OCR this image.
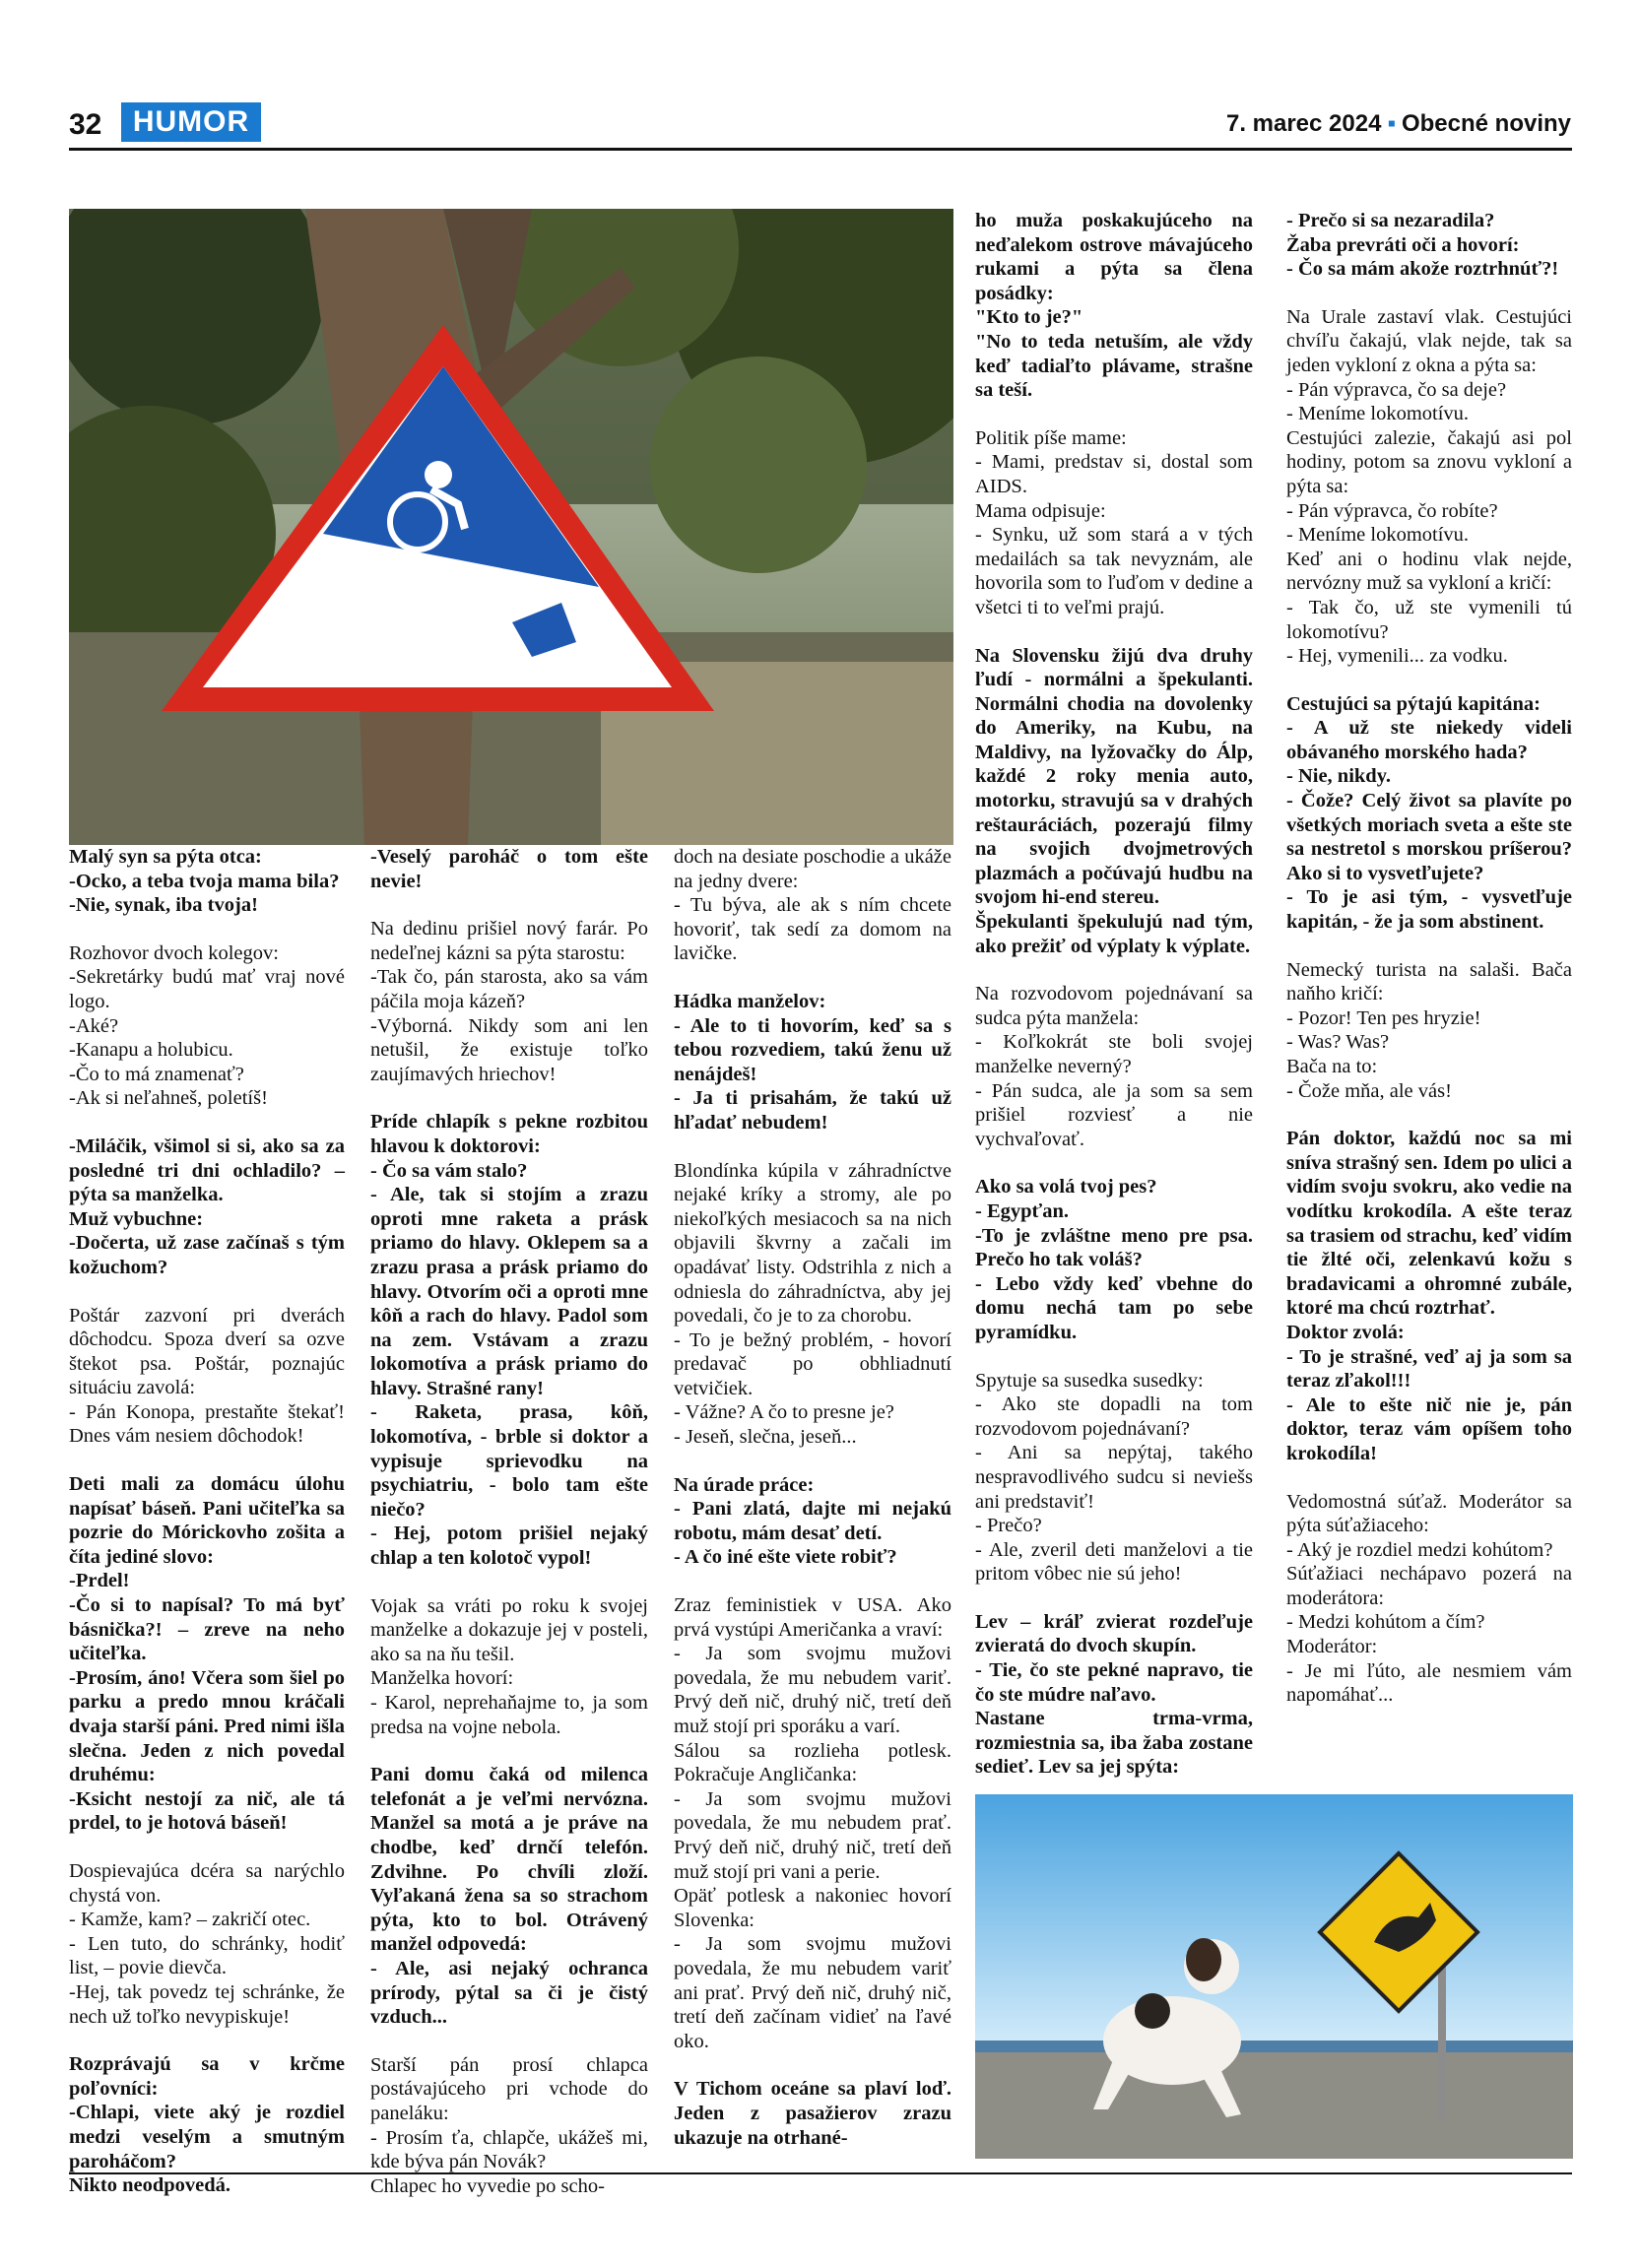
32	HUMOR	7. marec 2024 ▪ Obecné noviny

Malý syn sa pýta otca:
-Ocko, a teba tvoja mama bila?
-Nie, synak, iba tvoja!

Rozhovor dvoch kolegov:
-Sekretárky budú mať vraj nové logo.
-Aké?
-Kanapu a holubicu.
-Čo to má znamenať?
-Ak si neľahneš, poletíš!

-Miláčik, všimol si si, ako sa za posledné tri dni ochladilo? – pýta sa manželka.
Muž vybuchne:
-Dočerta, už zase začínaš s tým kožuchom?

Poštár zazvoní pri dverách dôchodcu. Spoza dverí sa ozve štekot psa. Poštár, poznajúc situáciu zavolá:
- Pán Konopa, prestaňte štekať! Dnes vám nesiem dôchodok!

Deti mali za domácu úlohu napísať báseň. Pani učiteľka sa pozrie do Mórickovho zošita a číta jediné slovo:
-Prdel!
-Čo si to napísal? To má byť básnička?! – zreve na neho učiteľka.
-Prosím, áno! Včera som šiel po parku a predo mnou kráčali dvaja starší páni. Pred nimi išla slečna. Jeden z nich povedal druhému:
-Ksicht nestojí za nič, ale tá prdel, to je hotová báseň!

Dospievajúca dcéra sa narýchlo chystá von.
- Kamže, kam? – zakričí otec.
- Len tuto, do schránky, hodiť list, – povie dievča.
-Hej, tak povedz tej schránke, že nech už toľko nevypiskuje!

Rozprávajú sa v krčme poľovníci:
-Chlapi, viete aký je rozdiel medzi veselým a smutným paroháčom?
Nikto neodpovedá.

-Veselý paroháč o tom ešte nevie!

Na dedinu prišiel nový farár. Po nedeľnej kázni sa pýta starostu:
-Tak čo, pán starosta, ako sa vám páčila moja kázeň?
-Výborná. Nikdy som ani len netušil, že existuje toľko zaujímavých hriechov!

Príde chlapík s pekne rozbitou hlavou k doktorovi:
- Čo sa vám stalo?
- Ale, tak si stojím a zrazu oproti mne raketa a prásk priamo do hlavy. Oklepem sa a zrazu prasa a prásk priamo do hlavy. Otvorím oči a oproti mne kôň a rach do hlavy. Padol som na zem. Vstávam a zrazu lokomotíva a prásk priamo do hlavy. Strašné rany!
- Raketa, prasa, kôň, lokomotíva, - brble si doktor a vypisuje sprievodku na psychiatriu, - bolo tam ešte niečo?
- Hej, potom prišiel nejaký chlap a ten kolotoč vypol!

Vojak sa vráti po roku k svojej manželke a dokazuje jej v posteli, ako sa na ňu tešil.
Manželka hovorí:
- Karol, neprehaňajme to, ja som predsa na vojne nebola.

Pani domu čaká od milenca telefonát a je veľmi nervózna. Manžel sa motá a je práve na chodbe, keď drnčí telefón. Zdvihne. Po chvíli zloží. Vyľakaná žena sa so strachom pýta, kto to bol. Otrávený manžel odpovedá:
- Ale, asi nejaký ochranca prírody, pýtal sa či je čistý vzduch...

Starší pán prosí chlapca postávajúceho pri vchode do paneláku:
- Prosím ťa, chlapče, ukážeš mi, kde býva pán Novák?
Chlapec ho vyvedie po scho-

doch na desiate poschodie a ukáže na jedny dvere:
- Tu býva, ale ak s ním chcete hovoriť, tak sedí za domom na lavičke.

Hádka manželov:
- Ale to ti hovorím, keď sa s tebou rozvediem, takú ženu už nenájdeš!
- Ja ti prisahám, že takú už hľadať nebudem!

Blondínka kúpila v záhradníctve nejaké kríky a stromy, ale po niekoľkých mesiacoch sa na nich objavili škvrny a začali im opadávať listy. Odstrihla z nich a odniesla do záhradníctva, aby jej povedali, čo je to za chorobu.
- To je bežný problém, - hovorí predavač po obhliadnutí vetvičiek.
- Vážne? A čo to presne je?
- Jeseň, slečna, jeseň...

Na úrade práce:
- Pani zlatá, dajte mi nejakú robotu, mám desať detí.
- A čo iné ešte viete robiť?

Zraz feministiek v USA. Ako prvá vystúpi Američanka a vraví:
- Ja som svojmu mužovi povedala, že mu nebudem variť. Prvý deň nič, druhý nič, tretí deň muž stojí pri sporáku a varí.
Sálou sa rozlieha potlesk. Pokračuje Angličanka:
- Ja som svojmu mužovi povedala, že mu nebudem prať. Prvý deň nič, druhý nič, tretí deň muž stojí pri vani a perie.
Opäť potlesk a nakoniec hovorí Slovenka:
- Ja som svojmu mužovi povedala, že mu nebudem variť ani prať. Prvý deň nič, druhý nič, tretí deň začínam vidieť na ľavé oko.

V Tichom oceáne sa plaví loď. Jeden z pasažierov zrazu ukazuje na otrhané-

ho muža poskakujúceho na neďalekom ostrove mávajúceho rukami a pýta sa člena posádky:
"Kto to je?"
"No to teda netuším, ale vždy keď tadiaľto plávame, strašne sa teší.

Politik píše mame:
- Mami, predstav si, dostal som AIDS.
Mama odpisuje:
- Synku, už som stará a v tých medailách sa tak nevyznám, ale hovorila som to ľuďom v dedine a všetci ti to veľmi prajú.

Na Slovensku žijú dva druhy ľudí - normálni a špekulanti. Normálni chodia na dovolenky do Ameriky, na Kubu, na Maldivy, na lyžovačky do Álp, každé 2 roky menia auto, motorku, stravujú sa v drahých reštauráciách, pozerajú filmy na svojich dvojmetrových plazmách a počúvajú hudbu na svojom hi-end stereu.
Špekulanti špekulujú nad tým, ako prežiť od výplaty k výplate.

Na rozvodovom pojednávaní sa sudca pýta manžela:
- Koľkokrát ste boli svojej manželke neverný?
- Pán sudca, ale ja som sa sem prišiel rozviesť a nie vychvaľovať.

Ako sa volá tvoj pes?
- Egypťan.
-To je zvláštne meno pre psa. Prečo ho tak voláš?
- Lebo vždy keď vbehne do domu nechá tam po sebe pyramídku.

Spytuje sa susedka susedky:
- Ako ste dopadli na tom rozvodovom pojednávaní?
- Ani sa nepýtaj, takého nespravodlivého sudcu si neviešs ani predstaviť!
- Prečo?
- Ale, zveril deti manželovi a tie pritom vôbec nie sú jeho!

Lev – kráľ zvierat rozdeľuje zvieratá do dvoch skupín.
- Tie, čo ste pekné napravo, tie čo ste múdre naľavo.
Nastane trma-vrma, rozmiestnia sa, iba žaba zostane sedieť. Lev sa jej spýta:

- Prečo si sa nezaradila?
Žaba prevráti oči a hovorí:
- Čo sa mám akože roztrhnúť?!

Na Urale zastaví vlak. Cestujúci chvíľu čakajú, vlak nejde, tak sa jeden vykloní z okna a pýta sa:
- Pán výpravca, čo sa deje?
- Meníme lokomotívu.
Cestujúci zalezie, čakajú asi pol hodiny, potom sa znovu vykloní a pýta sa:
- Pán výpravca, čo robíte?
- Meníme lokomotívu.
Keď ani o hodinu vlak nejde, nervózny muž sa vykloní a kričí:
- Tak čo, už ste vymenili tú lokomotívu?
- Hej, vymenili... za vodku.

Cestujúci sa pýtajú kapitána:
- A už ste niekedy videli obávaného morského hada?
- Nie, nikdy.
- Čože? Celý život sa plavíte po všetkých moriach sveta a ešte ste sa nestretol s morskou príšerou? Ako si to vysvetľujete?
- To je asi tým, - vysvetľuje kapitán, - že ja som abstinent.

Nemecký turista na salaši. Bača naňho kričí:
- Pozor! Ten pes hryzie!
- Was? Was?
Bača na to:
- Čože mňa, ale vás!

Pán doktor, každú noc sa mi sníva strašný sen. Idem po ulici a vidím svoju svokru, ako vedie na vodítku krokodíla. A ešte teraz sa trasiem od strachu, keď vidím tie žlté oči, zelenkavú kožu s bradavicami a ohromné zubále, ktoré ma chcú roztrhať.
Doktor zvolá:
- To je strašné, veď aj ja som sa teraz zľakol!!!
- Ale to ešte nič nie je, pán doktor, teraz vám opíšem toho krokodíla!

Vedomostná súťaž. Moderátor sa pýta súťažiaceho:
- Aký je rozdiel medzi kohútom?
Súťažiaci nechápavo pozerá na moderátora:
- Medzi kohútom a čím?
Moderátor:
- Je mi ľúto, ale nesmiem vám napomáhať...
